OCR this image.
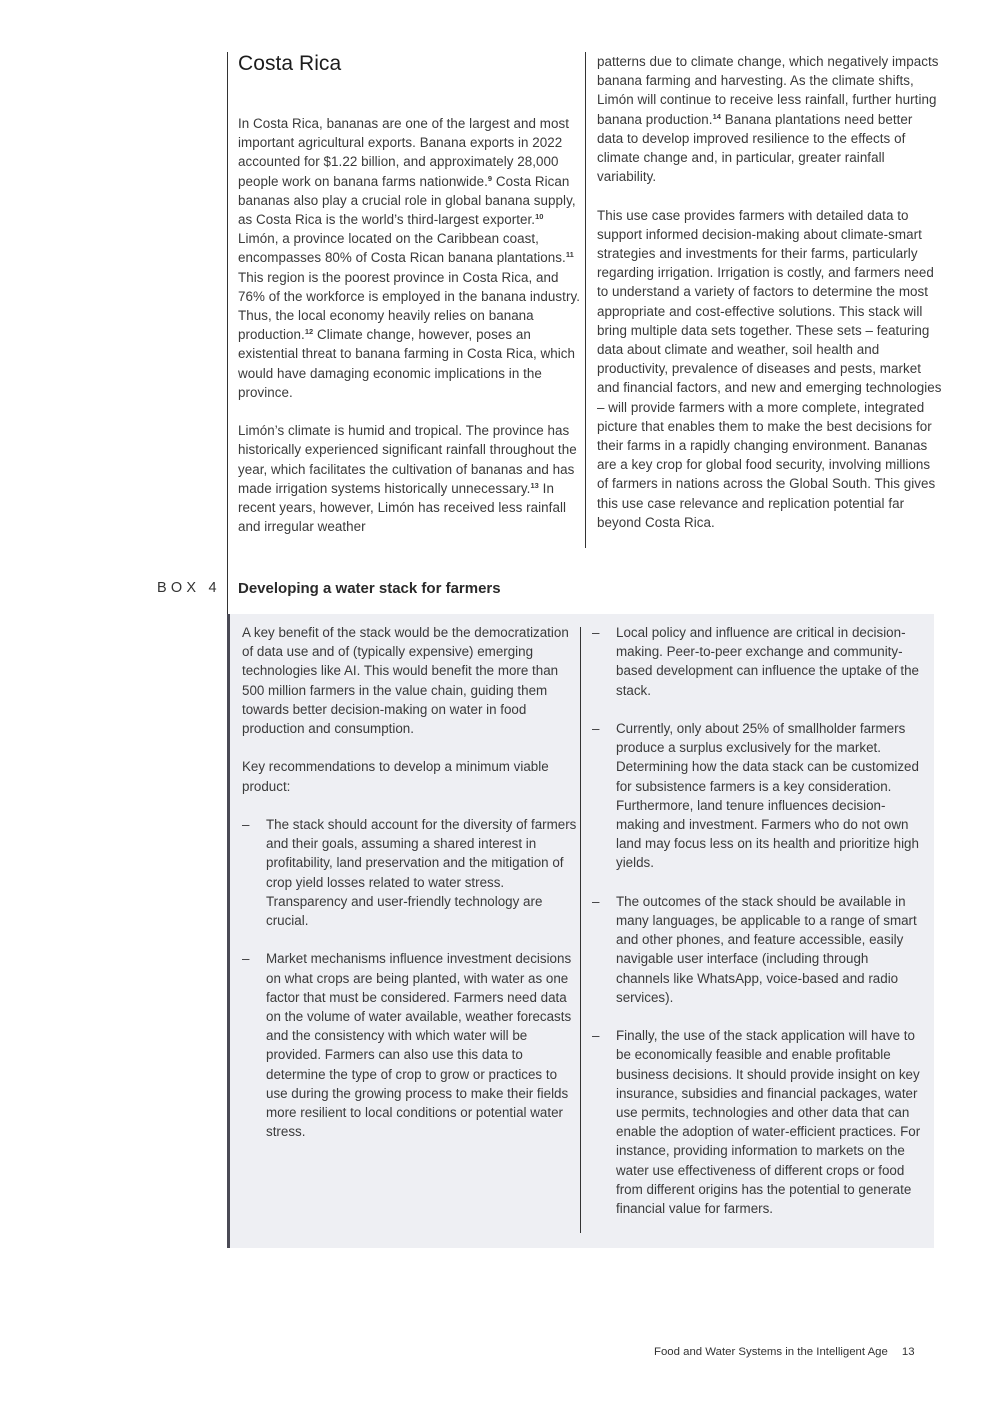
Costa Rica

In Costa Rica, bananas are one of the largest and most important agricultural exports. Banana exports in 2022 accounted for $1.22 billion, and approximately 28,000 people work on banana farms nationwide.$^9$ Costa Rican bananas also play a crucial role in global banana supply, as Costa Rica is the world’s third-largest exporter.$^{10}$ Limón, a province located on the Caribbean coast, encompasses 80% of Costa Rican banana plantations.$^{11}$ This region is the poorest province in Costa Rica, and 76% of the workforce is employed in the banana industry. Thus, the local economy heavily relies on banana production.$^{12}$ Climate change, however, poses an existential threat to banana farming in Costa Rica, which would have damaging economic implications in the province.

Limón’s climate is humid and tropical. The province has historically experienced significant rainfall throughout the year, which facilitates the cultivation of bananas and has made irrigation systems historically unnecessary.$^{13}$ In recent years, however, Limón has received less rainfall and irregular weather

patterns due to climate change, which negatively impacts banana farming and harvesting. As the climate shifts, Limón will continue to receive less rainfall, further hurting banana production.$^{14}$ Banana plantations need better data to develop improved resilience to the effects of climate change and, in particular, greater rainfall variability.

This use case provides farmers with detailed data to support informed decision-making about climate-smart strategies and investments for their farms, particularly regarding irrigation. Irrigation is costly, and farmers need to understand a variety of factors to determine the most appropriate and cost-effective solutions. This stack will bring multiple data sets together. These sets – featuring data about climate and weather, soil health and productivity, prevalence of diseases and pests, market and financial factors, and new and emerging technologies – will provide farmers with a more complete, integrated picture that enables them to make the best decisions for their farms in a rapidly changing environment. Bananas are a key crop for global food security, involving millions of farmers in nations across the Global South. This gives this use case relevance and replication potential far beyond Costa Rica.

BOX 4 Developing a water stack for farmers

A key benefit of the stack would be the democratization of data use and of (typically expensive) emerging technologies like AI. This would benefit the more than 500 million farmers in the value chain, guiding them towards better decision-making on water in food production and consumption.

Key recommendations to develop a minimum viable product:

– The stack should account for the diversity of farmers and their goals, assuming a shared interest in profitability, land preservation and the mitigation of crop yield losses related to water stress. Transparency and user-friendly technology are crucial.
– Market mechanisms influence investment decisions on what crops are being planted, with water as one factor that must be considered. Farmers need data on the volume of water available, weather forecasts and the consistency with which water will be provided. Farmers can also use this data to determine the type of crop to grow or practices to use during the growing process to make their fields more resilient to local conditions or potential water stress.
– Local policy and influence are critical in decision-making. Peer-to-peer exchange and community-based development can influence the uptake of the stack.
– Currently, only about 25% of smallholder farmers produce a surplus exclusively for the market. Determining how the data stack can be customized for subsistence farmers is a key consideration. Furthermore, land tenure influences decision-making and investment. Farmers who do not own land may focus less on its health and prioritize high yields.
– The outcomes of the stack should be available in many languages, be applicable to a range of smart and other phones, and feature accessible, easily navigable user interface (including through channels like WhatsApp, voice-based and radio services).
– Finally, the use of the stack application will have to be economically feasible and enable profitable business decisions. It should provide insight on key insurance, subsidies and financial packages, water use permits, technologies and other data that can enable the adoption of water-efficient practices. For instance, providing information to markets on the water use effectiveness of different crops or food from different origins has the potential to generate financial value for farmers.
Food and Water Systems in the Intelligent Age 13
